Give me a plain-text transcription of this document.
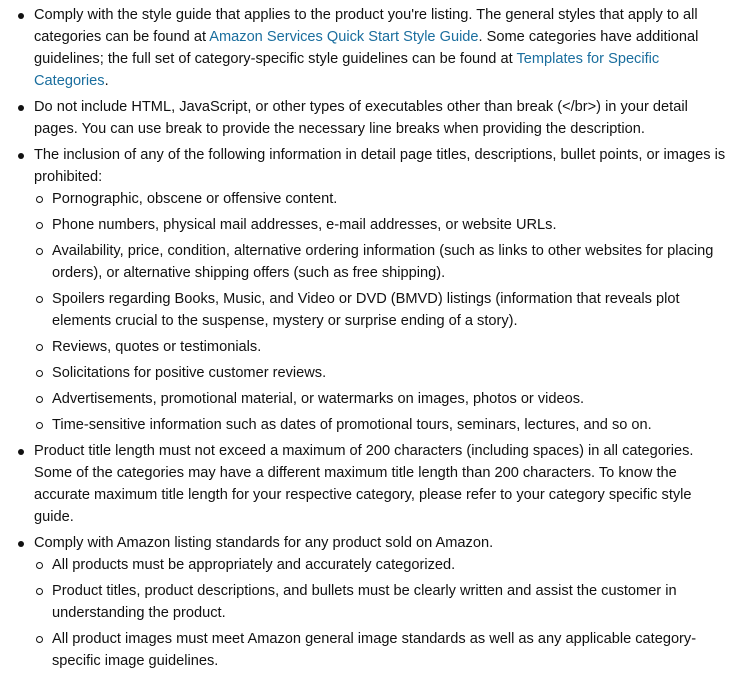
Comply with the style guide that applies to the product you're listing. The general styles that apply to all categories can be found at Amazon Services Quick Start Style Guide. Some categories have additional guidelines; the full set of category-specific style guidelines can be found at Templates for Specific Categories.
Do not include HTML, JavaScript, or other types of executables other than break (</br>) in your detail pages. You can use break to provide the necessary line breaks when providing the description.
The inclusion of any of the following information in detail page titles, descriptions, bullet points, or images is prohibited:
Pornographic, obscene or offensive content.
Phone numbers, physical mail addresses, e-mail addresses, or website URLs.
Availability, price, condition, alternative ordering information (such as links to other websites for placing orders), or alternative shipping offers (such as free shipping).
Spoilers regarding Books, Music, and Video or DVD (BMVD) listings (information that reveals plot elements crucial to the suspense, mystery or surprise ending of a story).
Reviews, quotes or testimonials.
Solicitations for positive customer reviews.
Advertisements, promotional material, or watermarks on images, photos or videos.
Time-sensitive information such as dates of promotional tours, seminars, lectures, and so on.
Product title length must not exceed a maximum of 200 characters (including spaces) in all categories. Some of the categories may have a different maximum title length than 200 characters. To know the accurate maximum title length for your respective category, please refer to your category specific style guide.
Comply with Amazon listing standards for any product sold on Amazon.
All products must be appropriately and accurately categorized.
Product titles, product descriptions, and bullets must be clearly written and assist the customer in understanding the product.
All product images must meet Amazon general image standards as well as any applicable category-specific image guidelines.
